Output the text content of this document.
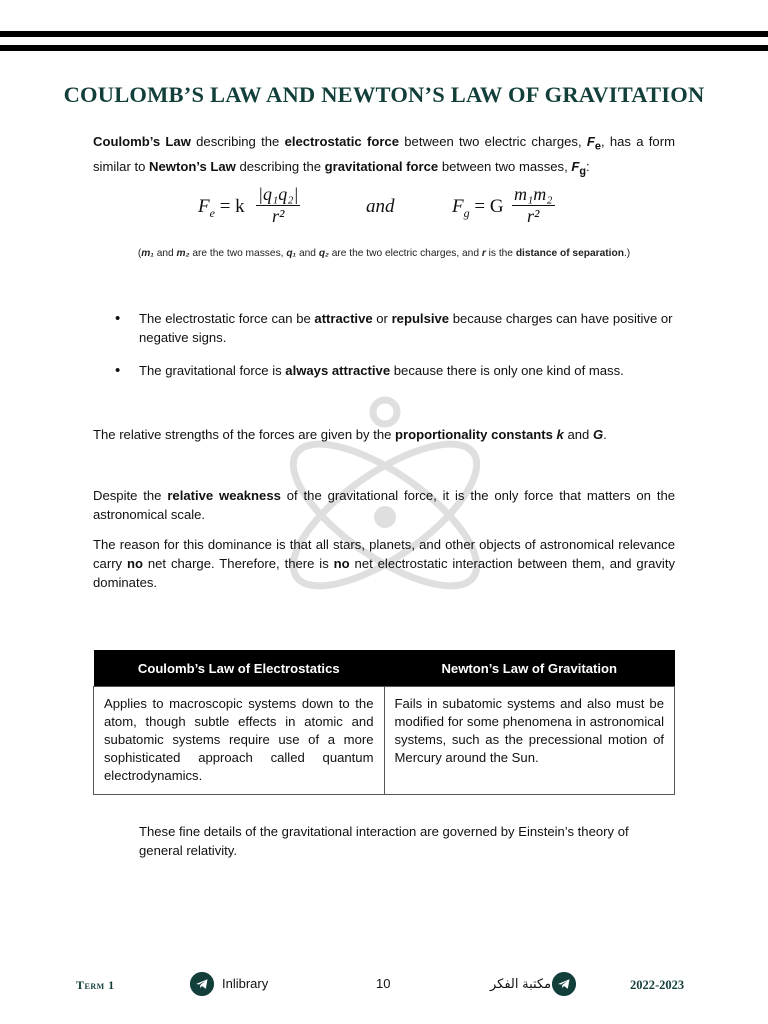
COULOMB’S LAW AND NEWTON’S LAW OF GRAVITATION

Coulomb’s Law describing the electrostatic force between two electric charges, $F_e$, has a form similar to Newton’s Law describing the gravitational force between two masses, $F_g$:

$F_e = k \frac{\text{|q₁q₂|}}{\text{r²}}$	and	$F_g = G \frac{\text{m₁m₂}}{\text{r²}}$
(m₁ and m₂ are the two masses, q₁ and q₂ are the two electric charges, and r is the distance of separation.)
• The electrostatic force can be attractive or repulsive because charges can have positive or negative signs.
• The gravitational force is always attractive because there is only one kind of mass.

The relative strengths of the forces are given by the proportionality constants k and G.

Despite the relative weakness of the gravitational force, it is the only force that matters on the astronomical scale.

The reason for this dominance is that all stars, planets, and other objects of astronomical relevance carry no net charge. Therefore, there is no net electrostatic interaction between them, and gravity dominates.

Coulomb’s Law of Electrostatics	Newton’s Law of Gravitation
Applies to macroscopic systems down to the atom, though subtle effects in atomic and subatomic systems require use of a more sophisticated approach called quantum electrodynamics.	Fails in subatomic systems and also must be modified for some phenomena in astronomical systems, such as the precessional motion of Mercury around the Sun.

These fine details of the gravitational interaction are governed by Einstein’s theory of general relativity.

Term 1	Inlibrary	10	مكتبة الفكر	2022-2023
